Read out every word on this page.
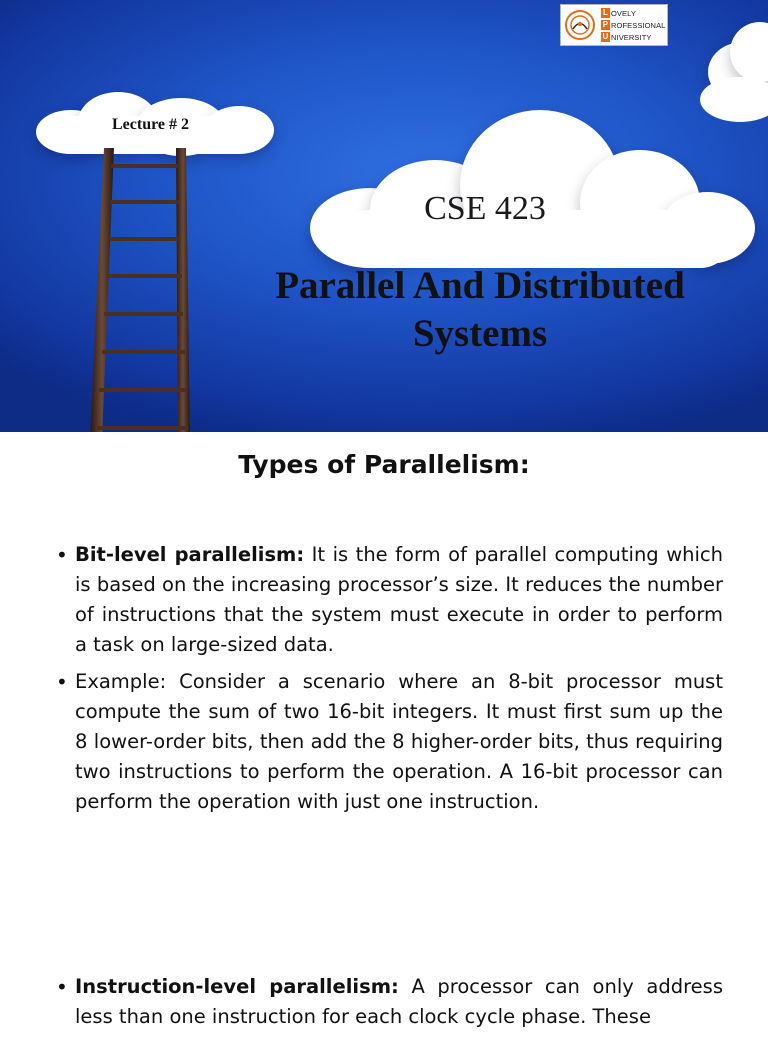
Lecture # 2
CSE 423
Parallel And Distributed
Systems
L OVELY
P ROFESSIONAL
U NIVERSITY
Types of Parallelism:
• Bit-level parallelism: It is the form of parallel computing which is based on the increasing processor’s size. It reduces the number of instructions that the system must execute in order to perform a task on large-sized data.
• Example: Consider a scenario where an 8-bit processor must compute the sum of two 16-bit integers. It must first sum up the 8 lower-order bits, then add the 8 higher-order bits, thus requiring two instructions to perform the operation. A 16-bit processor can perform the operation with just one instruction.
• Instruction-level parallelism: A processor can only address less than one instruction for each clock cycle phase. These
